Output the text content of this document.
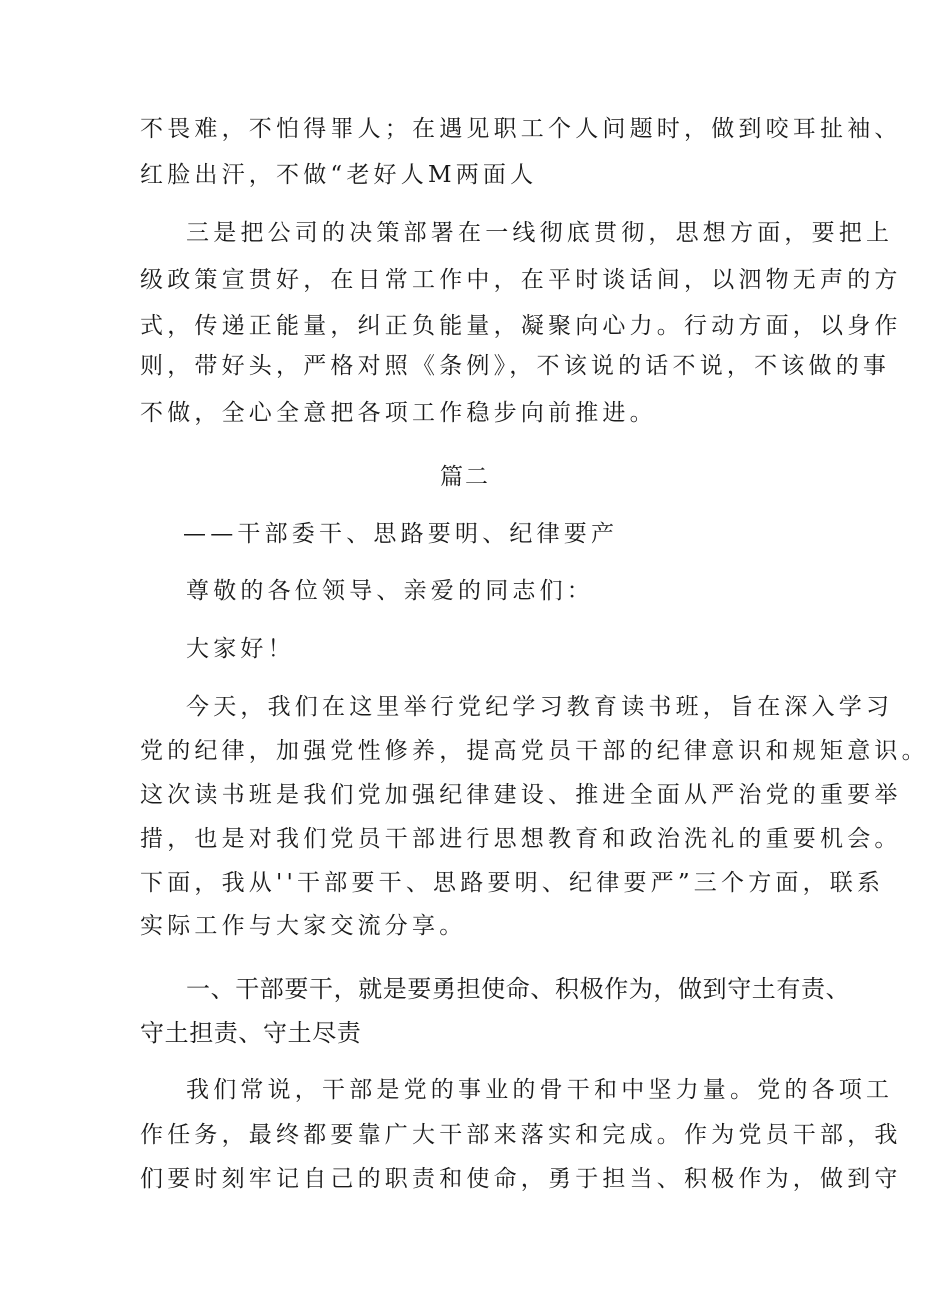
不畏难，不怕得罪人；在遇见职工个人问题时，做到咬耳扯袖、
红脸出汗，不做“老好人M两面人
三是把公司的决策部署在一线彻底贯彻，思想方面，要把上
级政策宣贯好，在日常工作中，在平时谈话间，以泗物无声的方
式，传递正能量，纠正负能量，凝聚向心力。行动方面，以身作
则，带好头，严格对照《条例》，不该说的话不说，不该做的事
不做，全心全意把各项工作稳步向前推进。
篇二
——干部委干、思路要明、纪律要产
尊敬的各位领导、亲爱的同志们：
大家好！
今天，我们在这里举行党纪学习教育读书班，旨在深入学习
党的纪律，加强党性修养，提高党员干部的纪律意识和规矩意识。
这次读书班是我们党加强纪律建设、推进全面从严治党的重要举
措，也是对我们党员干部进行思想教育和政治洗礼的重要机会。
下面，我从''干部要干、思路要明、纪律要严”三个方面，联系
实际工作与大家交流分享。
一、干部要干，就是要勇担使命、积极作为，做到守土有责、
守土担责、守土尽责
我们常说，干部是党的事业的骨干和中坚力量。党的各项工
作任务，最终都要靠广大干部来落实和完成。作为党员干部，我
们要时刻牢记自己的职责和使命，勇于担当、积极作为，做到守
